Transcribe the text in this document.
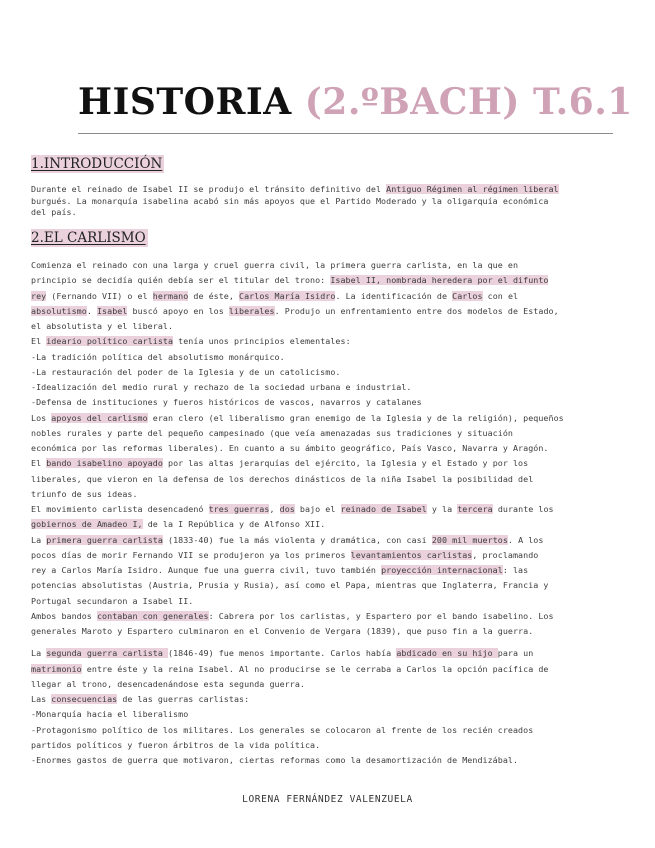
HISTORIA (2.ºBACH) T.6.1
1.INTRODUCCIÓN
Durante el reinado de Isabel II se produjo el tránsito definitivo del Antiguo Régimen al régimen liberal
burgués. La monarquía isabelina acabó sin más apoyos que el Partido Moderado y la oligarquía económica
del país.
2.EL CARLISMO
Comienza el reinado con una larga y cruel guerra civil, la primera guerra carlista, en la que en
principio se decidía quién debía ser el titular del trono: Isabel II, nombrada heredera por el difunto
rey (Fernando VII) o el hermano de éste, Carlos María Isidro. La identificación de Carlos con el
absolutismo. Isabel buscó apoyo en los liberales. Produjo un enfrentamiento entre dos modelos de Estado,
el absolutista y el liberal.
El ideario político carlista tenía unos principios elementales:
-La tradición política del absolutismo monárquico.
-La restauración del poder de la Iglesia y de un catolicismo.
-Idealización del medio rural y rechazo de la sociedad urbana e industrial.
-Defensa de instituciones y fueros históricos de vascos, navarros y catalanes
Los apoyos del carlismo eran clero (el liberalismo gran enemigo de la Iglesia y de la religión), pequeños
nobles rurales y parte del pequeño campesinado (que veía amenazadas sus tradiciones y situación
económica por las reformas liberales). En cuanto a su ámbito geográfico, País Vasco, Navarra y Aragón.
El bando isabelino apoyado por las altas jerarquías del ejército, la Iglesia y el Estado y por los
liberales, que vieron en la defensa de los derechos dinásticos de la niña Isabel la posibilidad del
triunfo de sus ideas.
El movimiento carlista desencadenó tres guerras, dos bajo el reinado de Isabel y la tercera durante los
gobiernos de Amadeo I, de la I República y de Alfonso XII.
La primera guerra carlista (1833-40) fue la más violenta y dramática, con casi 200 mil muertos. A los
pocos días de morir Fernando VII se produjeron ya los primeros levantamientos carlistas, proclamando
rey a Carlos María Isidro. Aunque fue una guerra civil, tuvo también proyección internacional: las
potencias absolutistas (Austria, Prusia y Rusia), así como el Papa, mientras que Inglaterra, Francia y
Portugal secundaron a Isabel II.
Ambos bandos contaban con generales: Cabrera por los carlistas, y Espartero por el bando isabelino. Los
generales Maroto y Espartero culminaron en el Convenio de Vergara (1839), que puso fin a la guerra.
La segunda guerra carlista (1846-49) fue menos importante. Carlos había abdicado en su hijo para un
matrimonio entre éste y la reina Isabel. Al no producirse se le cerraba a Carlos la opción pacífica de
llegar al trono, desencadenándose esta segunda guerra.
Las consecuencias de las guerras carlistas:
-Monarquía hacia el liberalismo
-Protagonismo político de los militares. Los generales se colocaron al frente de los recién creados
partidos políticos y fueron árbitros de la vida política.
-Enormes gastos de guerra que motivaron, ciertas reformas como la desamortización de Mendizábal.
LORENA FERNÁNDEZ VALENZUELA
